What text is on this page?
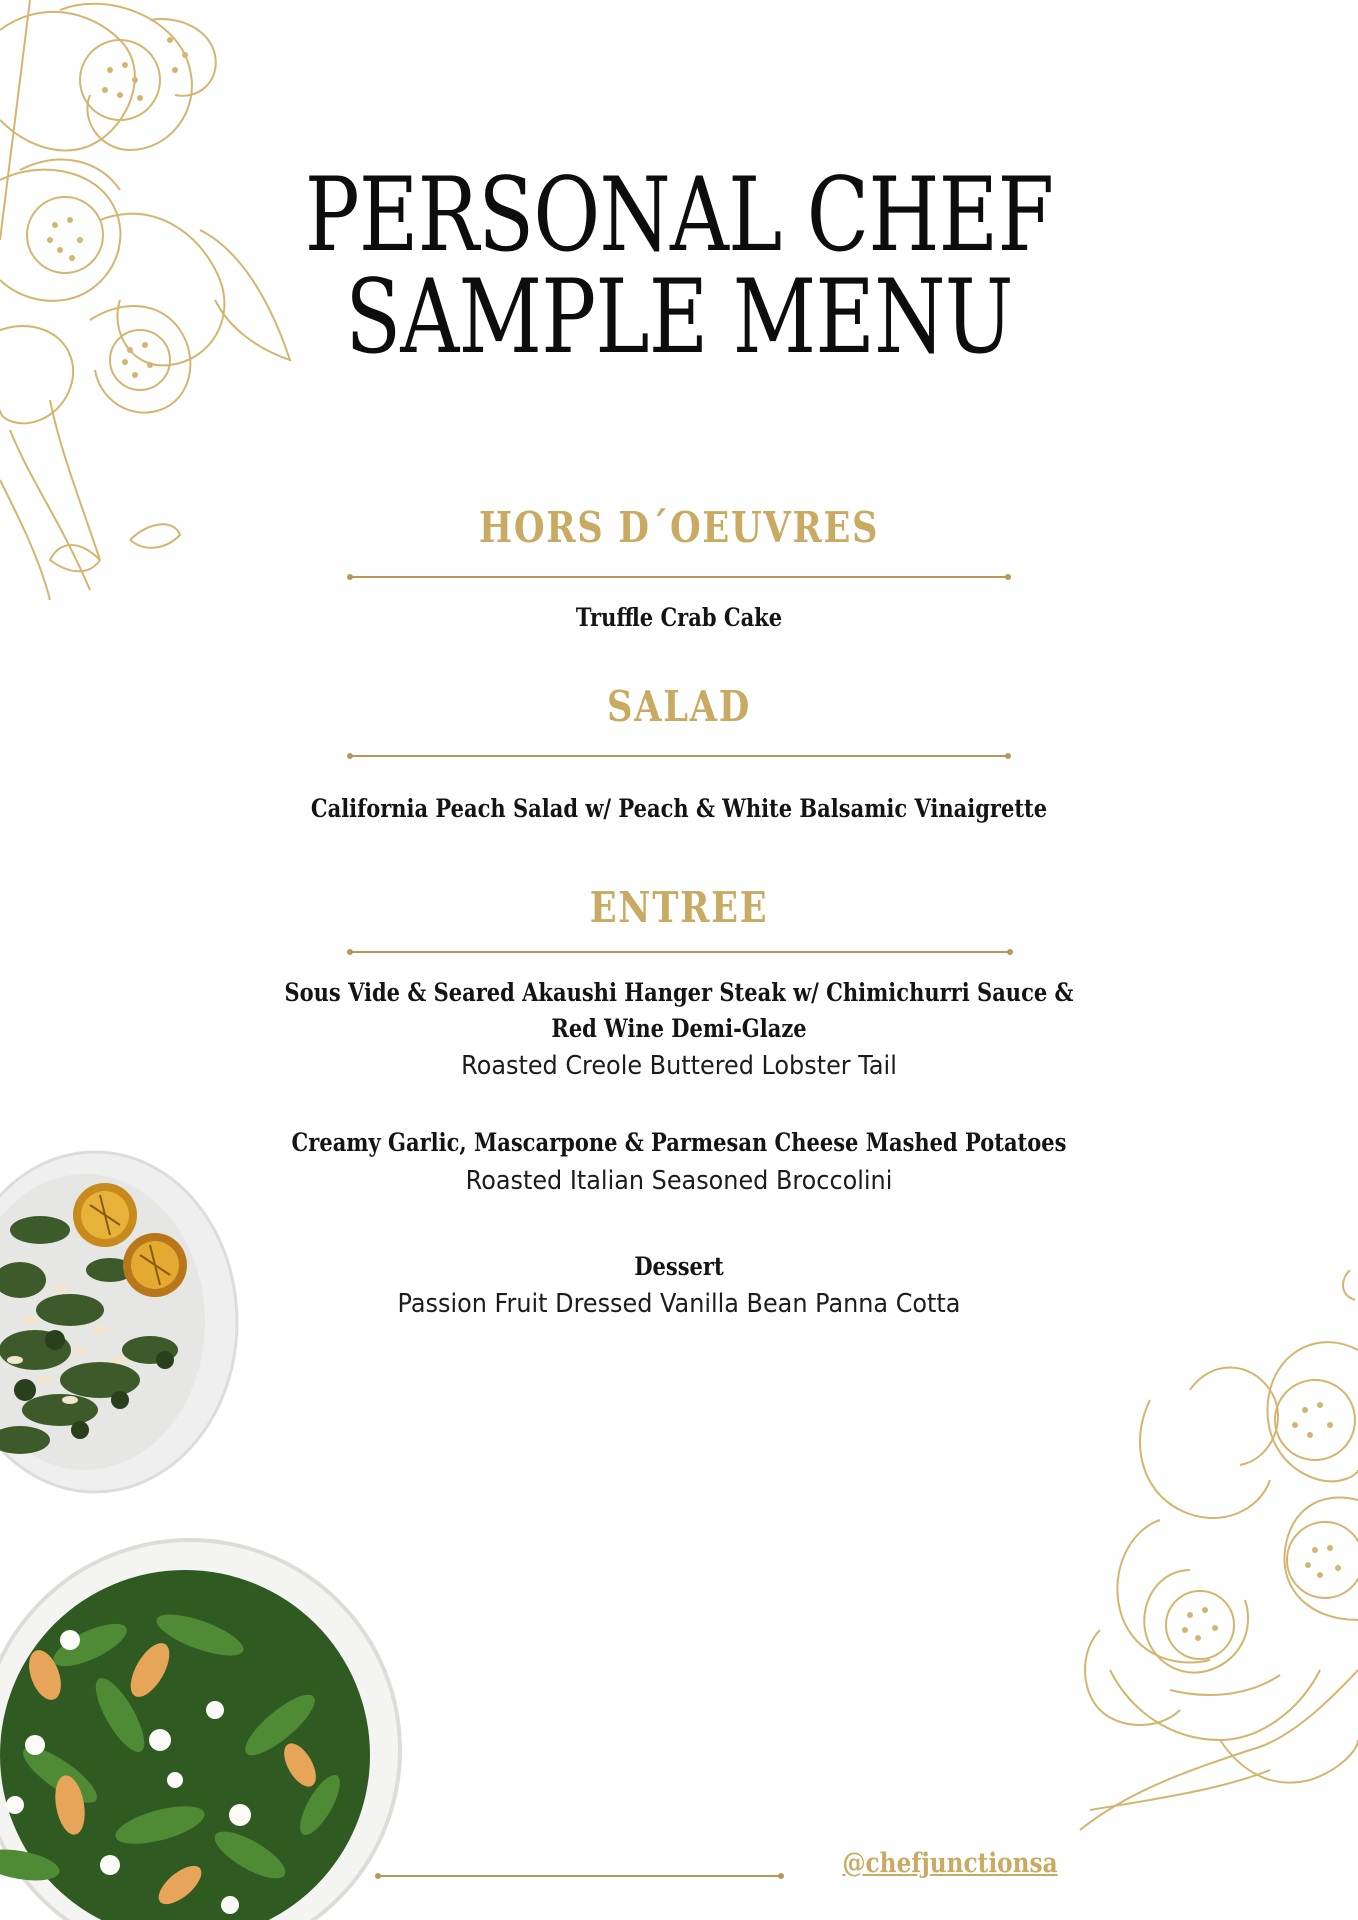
PERSONAL CHEF
SAMPLE MENU
HORS D´OEUVRES
Truffle Crab Cake
SALAD
California Peach Salad w/ Peach & White Balsamic Vinaigrette
ENTREE
Sous Vide & Seared Akaushi Hanger Steak w/ Chimichurri Sauce &
Red Wine Demi-Glaze
Roasted Creole Buttered Lobster Tail
Creamy Garlic, Mascarpone & Parmesan Cheese Mashed Potatoes
Roasted Italian Seasoned Broccolini
Dessert
Passion Fruit Dressed Vanilla Bean Panna Cotta
@chefjunctionsa
